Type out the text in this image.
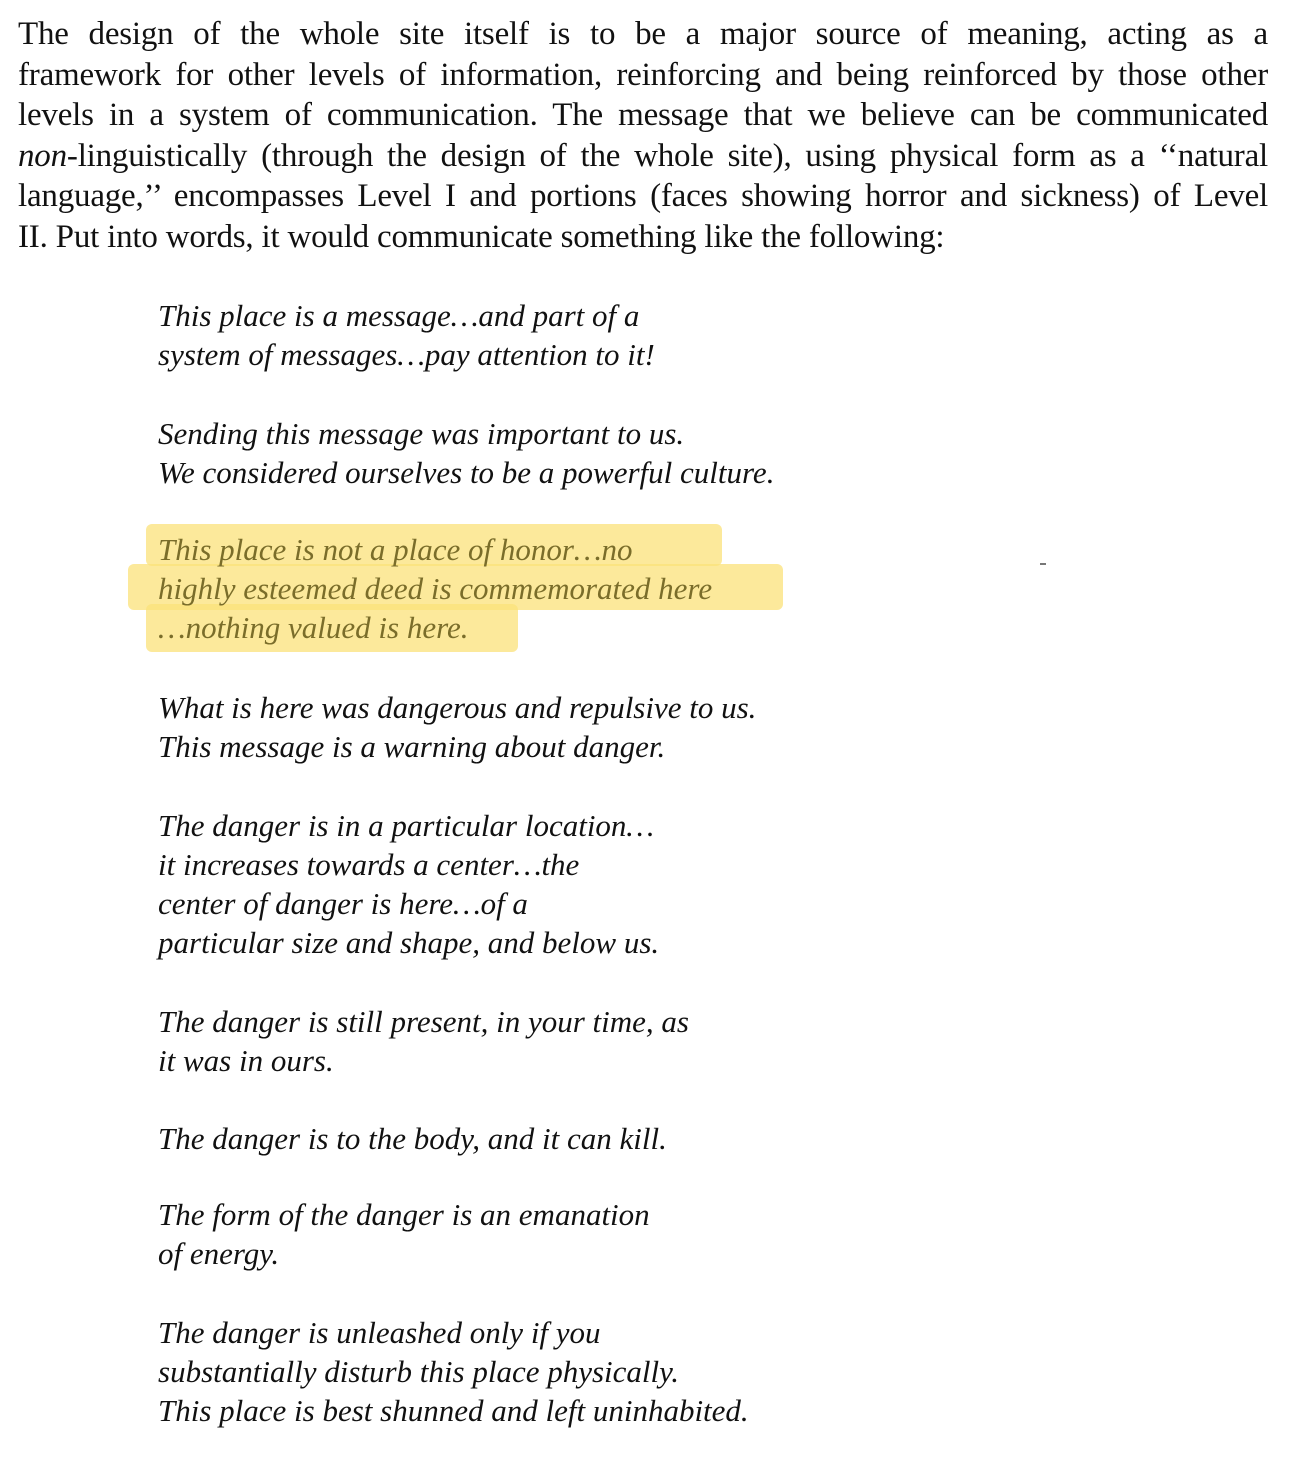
The design of the whole site itself is to be a major source of meaning, acting as a
framework for other levels of information, reinforcing and being reinforced by those other
levels in a system of communication. The message that we believe can be communicated
non-linguistically (through the design of the whole site), using physical form as a ‘‘natural
language,’’ encompasses Level I and portions (faces showing horror and sickness) of Level
II. Put into words, it would communicate something like the following:
This place is a message…and part of a
system of messages…pay attention to it!
Sending this message was important to us.
We considered ourselves to be a powerful culture.
This place is not a place of honor…no
highly esteemed deed is commemorated here
…nothing valued is here.
What is here was dangerous and repulsive to us.
This message is a warning about danger.
The danger is in a particular location…
it increases towards a center…the
center of danger is here…of a
particular size and shape, and below us.
The danger is still present, in your time, as
it was in ours.
The danger is to the body, and it can kill.
The form of the danger is an emanation
of energy.
The danger is unleashed only if you
substantially disturb this place physically.
This place is best shunned and left uninhabited.
